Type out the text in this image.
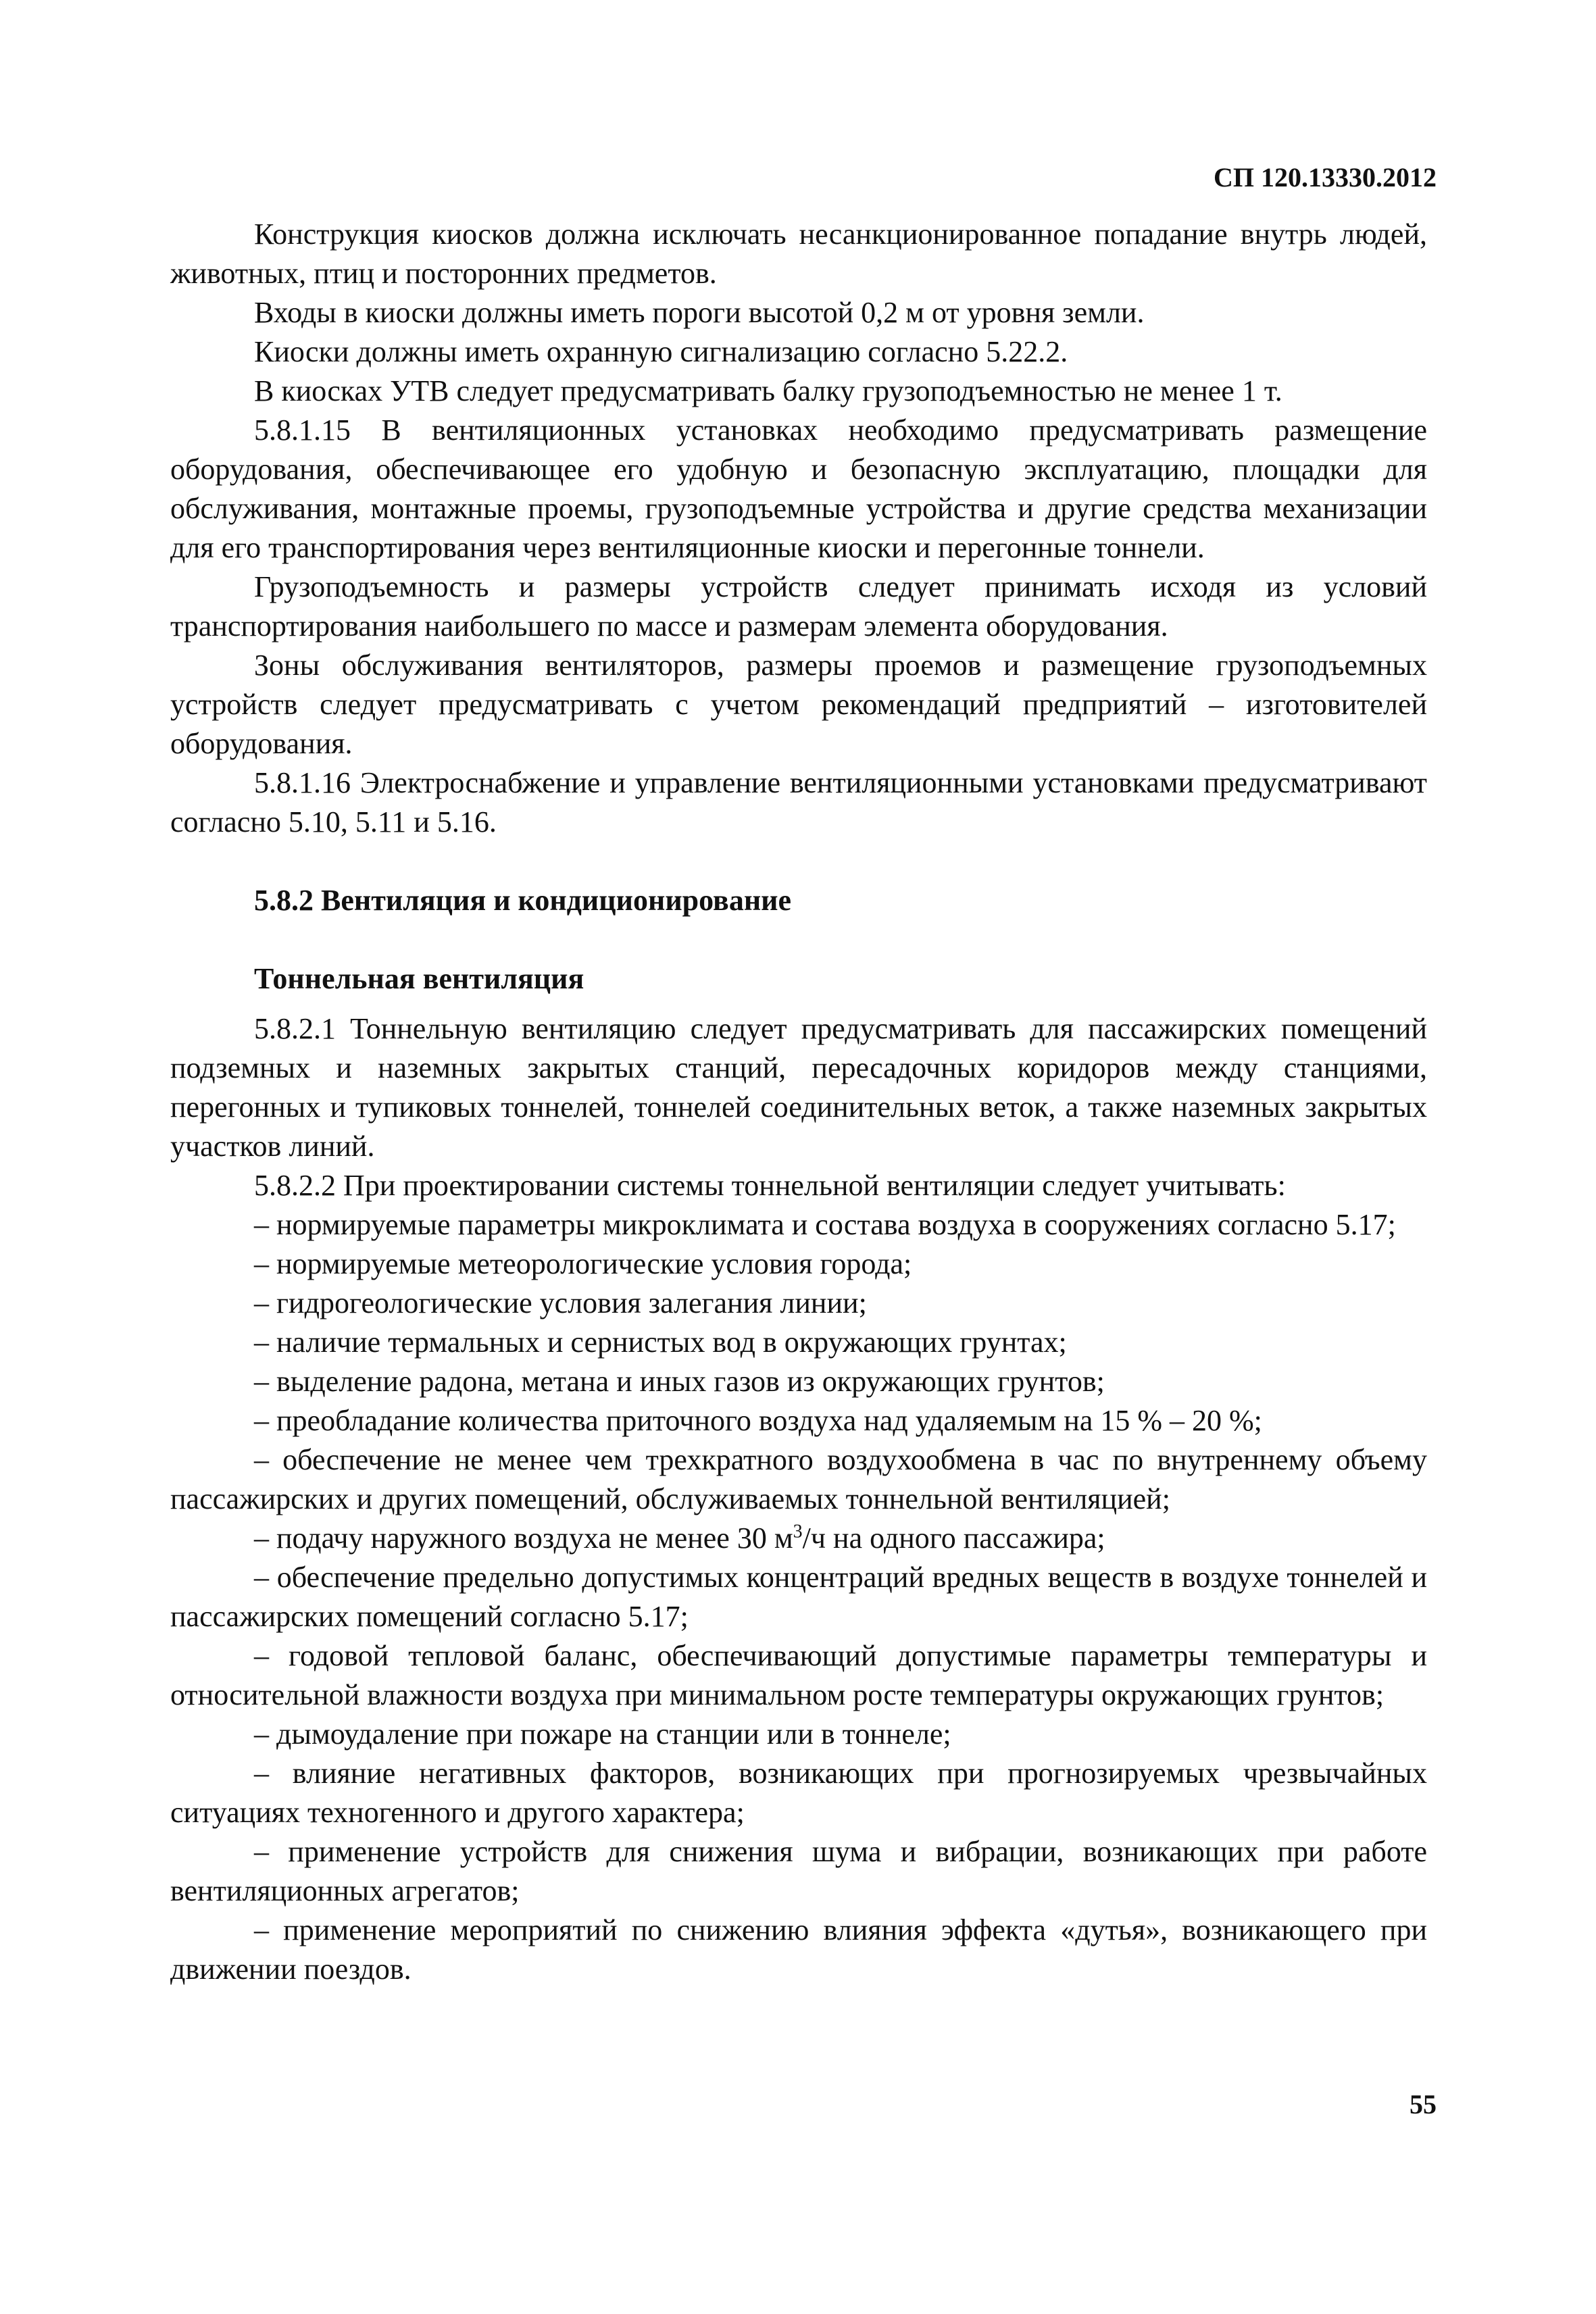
СП 120.13330.2012

Конструкция киосков должна исключать несанкционированное попадание внутрь людей, животных, птиц и посторонних предметов.

Входы в киоски должны иметь пороги высотой 0,2 м от уровня земли.

Киоски должны иметь охранную сигнализацию согласно 5.22.2.

В киосках УТВ следует предусматривать балку грузоподъемностью не менее 1 т.

5.8.1.15 В вентиляционных установках необходимо предусматривать размещение оборудования, обеспечивающее его удобную и безопасную эксплуатацию, площадки для обслуживания, монтажные проемы, грузоподъемные устройства и другие средства механизации для его транспортирования через вентиляционные киоски и перегонные тоннели.

Грузоподъемность и размеры устройств следует принимать исходя из условий транспортирования наибольшего по массе и размерам элемента оборудования.

Зоны обслуживания вентиляторов, размеры проемов и размещение грузоподъемных устройств следует предусматривать с учетом рекомендаций предприятий – изготовителей оборудования.

5.8.1.16 Электроснабжение и управление вентиляционными установками предусматривают согласно 5.10, 5.11 и 5.16.

5.8.2 Вентиляция и кондиционирование

Тоннельная вентиляция

5.8.2.1 Тоннельную вентиляцию следует предусматривать для пассажирских помещений подземных и наземных закрытых станций, пересадочных коридоров между станциями, перегонных и тупиковых тоннелей, тоннелей соединительных веток, а также наземных закрытых участков линий.

5.8.2.2 При проектировании системы тоннельной вентиляции следует учитывать:

– нормируемые параметры микроклимата и состава воздуха в сооружениях согласно 5.17;

– нормируемые метеорологические условия города;

– гидрогеологические условия залегания линии;

– наличие термальных и сернистых вод в окружающих грунтах;

– выделение радона, метана и иных газов из окружающих грунтов;

– преобладание количества приточного воздуха над удаляемым на 15 % – 20 %;

– обеспечение не менее чем трехкратного воздухообмена в час по внутреннему объему пассажирских и других помещений, обслуживаемых тоннельной вентиляцией;

– подачу наружного воздуха не менее 30 $м^3/ч$ на одного пассажира;

– обеспечение предельно допустимых концентраций вредных веществ в воздухе тоннелей и пассажирских помещений согласно 5.17;

– годовой тепловой баланс, обеспечивающий допустимые параметры температуры и относительной влажности воздуха при минимальном росте температуры окружающих грунтов;

– дымоудаление при пожаре на станции или в тоннеле;

– влияние негативных факторов, возникающих при прогнозируемых чрезвычайных ситуациях техногенного и другого характера;

– применение устройств для снижения шума и вибрации, возникающих при работе вентиляционных агрегатов;

– применение мероприятий по снижению влияния эффекта «дутья», возникающего при движении поездов.

55
